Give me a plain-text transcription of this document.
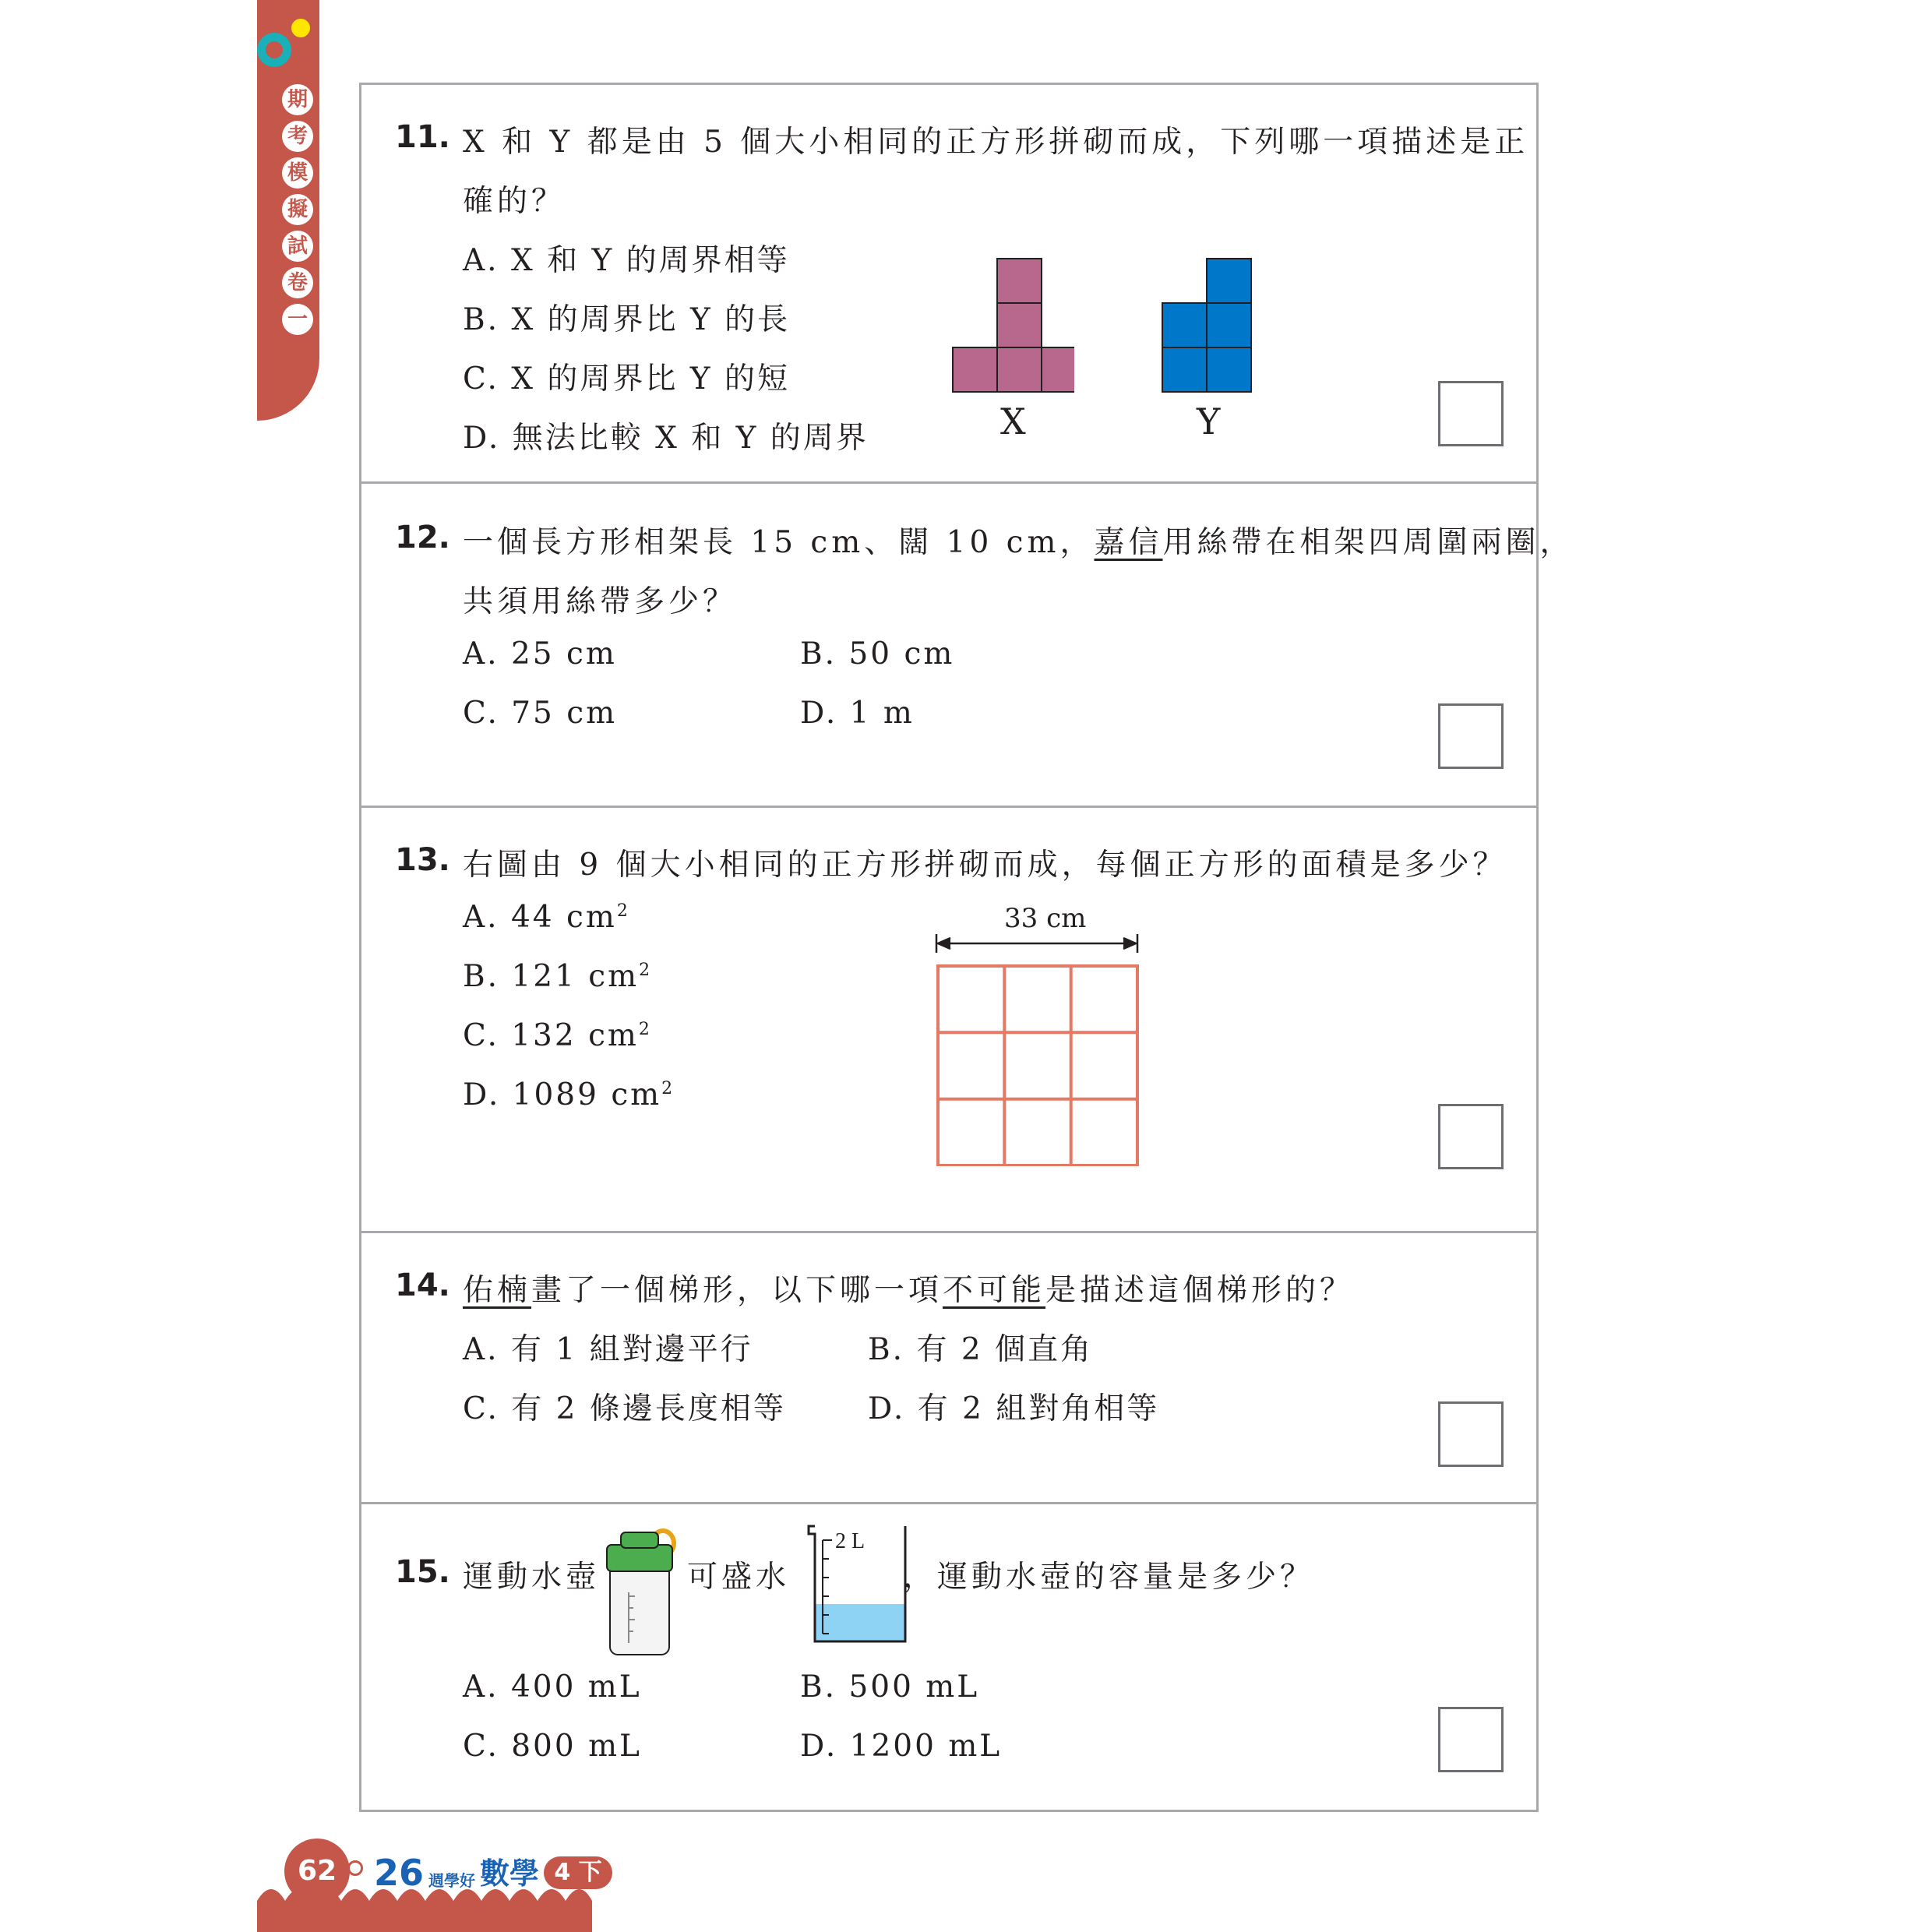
期
考
模
擬
試
卷
一
11. X 和 Y 都是由 5 個大小相同的正方形拼砌而成，下列哪一項描述是正
確的？
A. X 和 Y 的周界相等
B. X 的周界比 Y 的長
C. X 的周界比 Y 的短
D. 無法比較 X 和 Y 的周界	X	Y
12. 一個長方形相架長 15 cm、闊 10 cm，嘉信用絲帶在相架四周圍兩圈，
共須用絲帶多少？
A. 25 cm	B. 50 cm
C. 75 cm	D. 1 m
13. 右圖由 9 個大小相同的正方形拼砌而成，每個正方形的面積是多少？
A. 44 $cm^2$
B. 121 $cm^2$
C. 132 $cm^2$
D. 1089 $cm^2$
33 cm
14. 佑楠畫了一個梯形，以下哪一項不可能是描述這個梯形的？
A. 有 1 組對邊平行	B. 有 2 個直角
C. 有 2 條邊長度相等	D. 有 2 組對角相等
15. 運動水壺	可盛水
2 L
，運動水壺的容量是多少？
A. 400 mL	B. 500 mL
C. 800 mL	D. 1200 mL
62	26 週學好 數學 4 下
